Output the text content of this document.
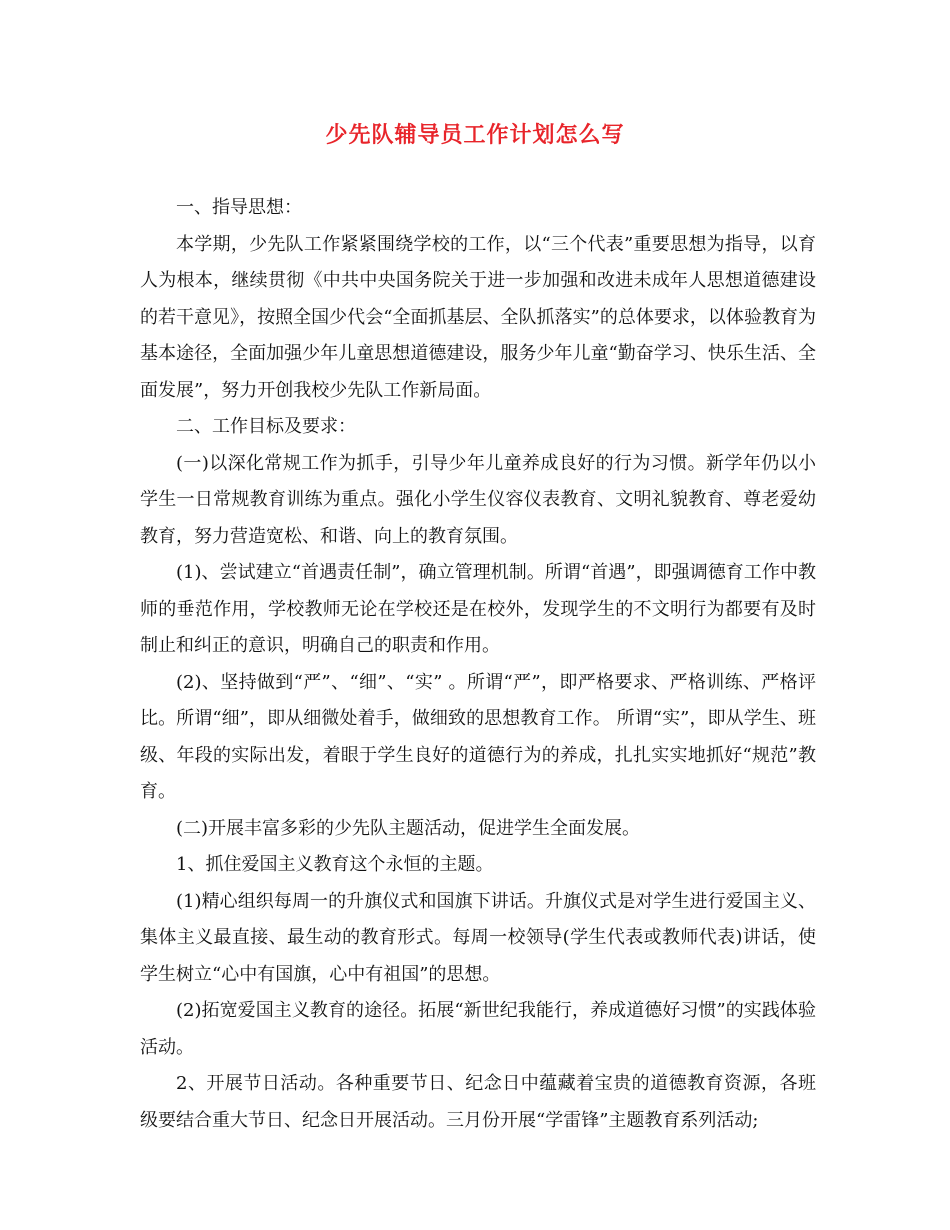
少先队辅导员工作计划怎么写

一、指导思想：

本学期，少先队工作紧紧围绕学校的工作，以“三个代表”重要思想为指导，以育人为根本，继续贯彻《中共中央国务院关于进一步加强和改进未成年人思想道德建设的若干意见》，按照全国少代会“全面抓基层、全队抓落实”的总体要求，以体验教育为基本途径，全面加强少年儿童思想道德建设，服务少年儿童“勤奋学习、快乐生活、全面发展”，努力开创我校少先队工作新局面。

二、工作目标及要求：

(一)以深化常规工作为抓手，引导少年儿童养成良好的行为习惯。新学年仍以小学生一日常规教育训练为重点。强化小学生仪容仪表教育、文明礼貌教育、尊老爱幼教育，努力营造宽松、和谐、向上的教育氛围。

(1)、尝试建立“首遇责任制”，确立管理机制。所谓“首遇”，即强调德育工作中教师的垂范作用，学校教师无论在学校还是在校外，发现学生的不文明行为都要有及时制止和纠正的意识，明确自己的职责和作用。

(2)、坚持做到“严”、“细”、“实” 。所谓“严”，即严格要求、严格训练、严格评比。所谓“细”，即从细微处着手，做细致的思想教育工作。 所谓“实”，即从学生、班级、年段的实际出发，着眼于学生良好的道德行为的养成，扎扎实实地抓好“规范”教育。

(二)开展丰富多彩的少先队主题活动，促进学生全面发展。

1、抓住爱国主义教育这个永恒的主题。

(1)精心组织每周一的升旗仪式和国旗下讲话。升旗仪式是对学生进行爱国主义、集体主义最直接、最生动的教育形式。每周一校领导(学生代表或教师代表)讲话，使学生树立“心中有国旗，心中有祖国”的思想。

(2)拓宽爱国主义教育的途径。拓展“新世纪我能行，养成道德好习惯”的实践体验活动。

2、开展节日活动。各种重要节日、纪念日中蕴藏着宝贵的道德教育资源，各班级要结合重大节日、纪念日开展活动。三月份开展“学雷锋”主题教育系列活动;
